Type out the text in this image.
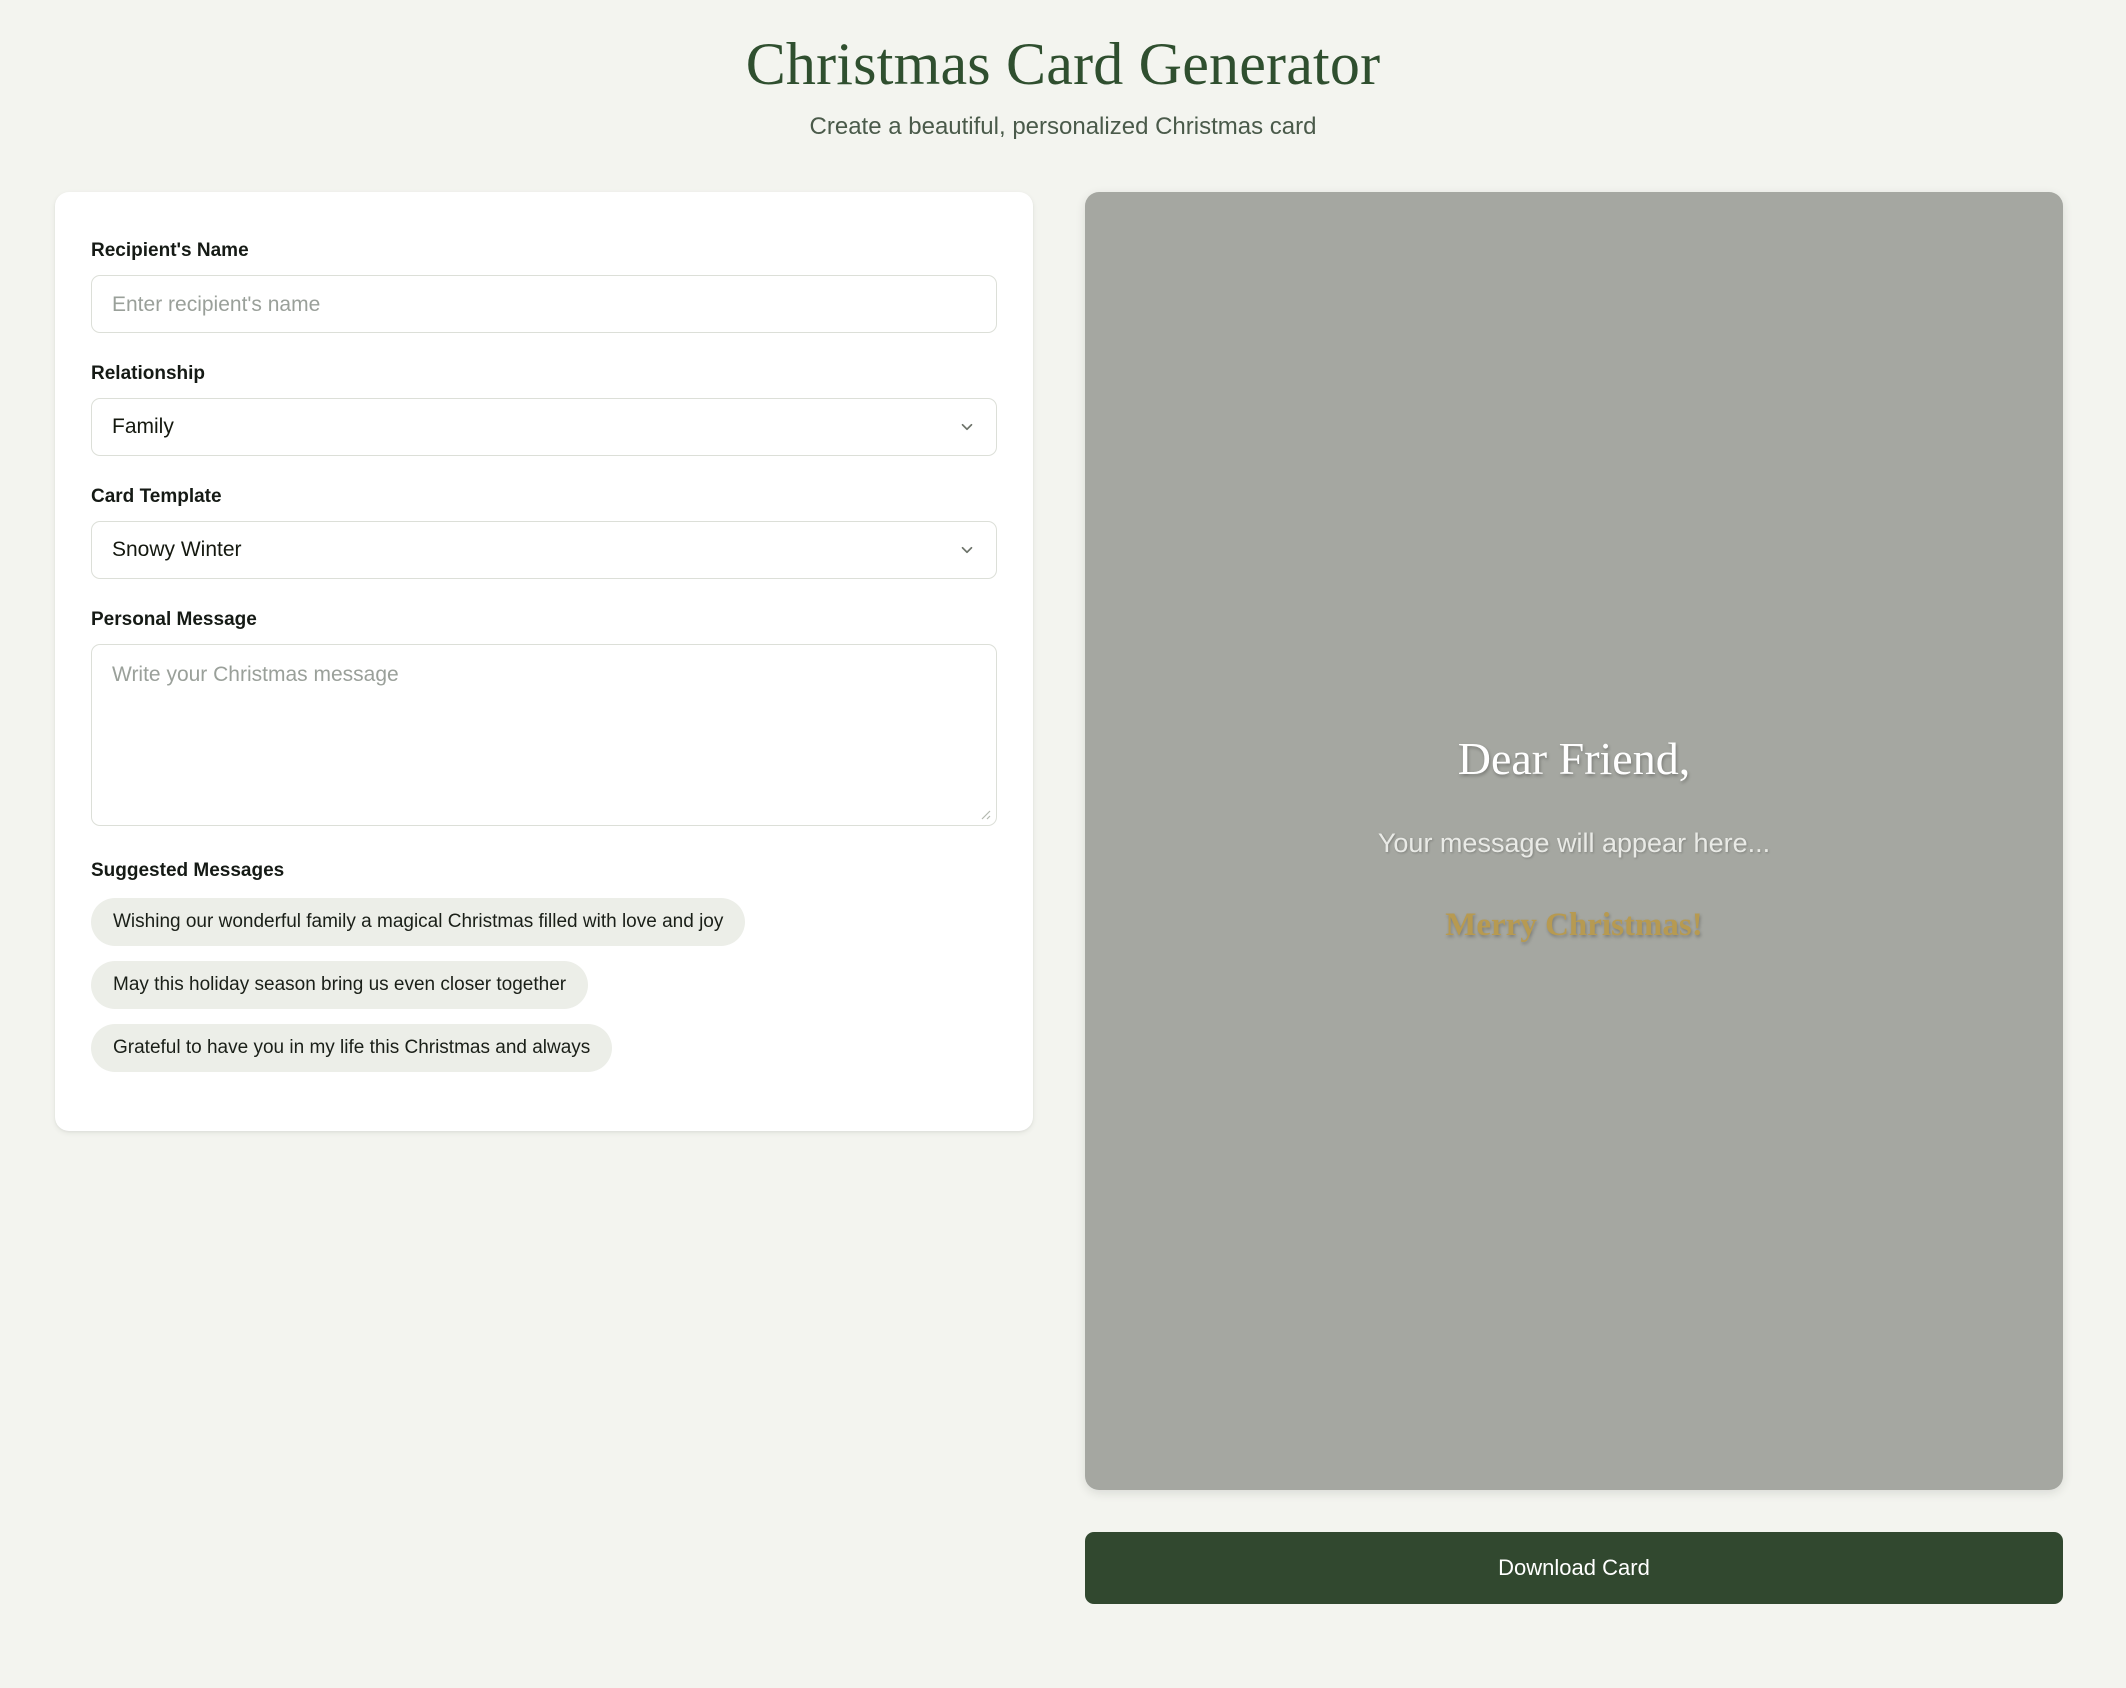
Christmas Card Generator

Create a beautiful, personalized Christmas card

Recipient's Name
Enter recipient's name
Relationship
Family
Card Template
Snowy Winter
Personal Message
Write your Christmas message
Suggested Messages
Wishing our wonderful family a magical Christmas filled with love and joy
May this holiday season bring us even closer together
Grateful to have you in my life this Christmas and always
Dear Friend,
Your message will appear here...
Merry Christmas!
Download Card
